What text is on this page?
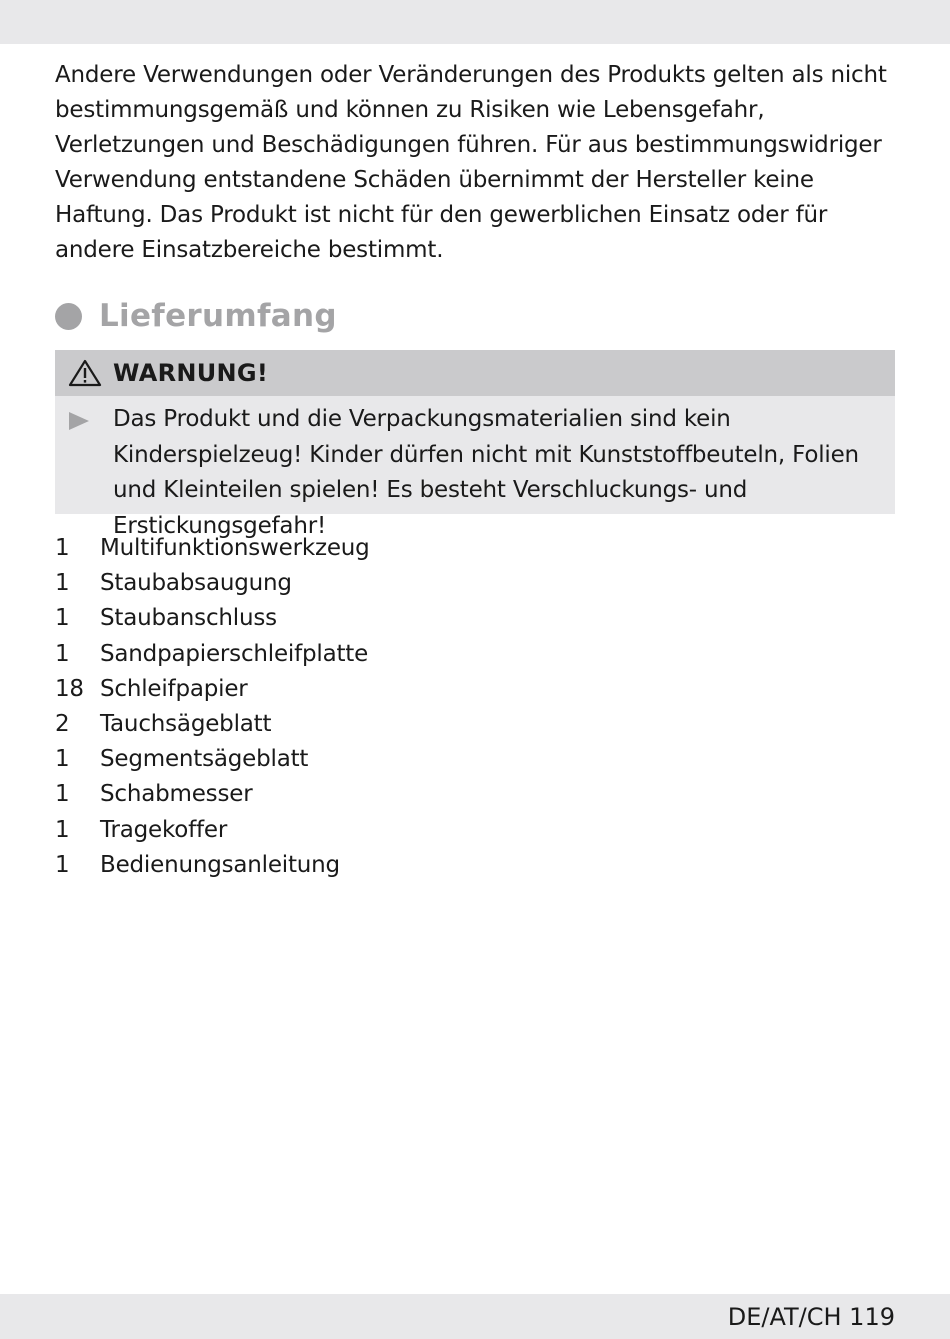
Andere Verwendungen oder Veränderungen des Produkts gelten als nicht bestimmungsgemäß und können zu Risiken wie Lebensgefahr, Verletzungen und Beschädigungen führen. Für aus bestimmungswidriger Verwendung entstandene Schäden übernimmt der Hersteller keine Haftung. Das Produkt ist nicht für den gewerblichen Einsatz oder für andere Einsatzbereiche bestimmt.

Lieferumfang
WARNUNG!

Das Produkt und die Verpackungsmaterialien sind kein Kinderspielzeug! Kinder dürfen nicht mit Kunststoffbeuteln, Folien und Kleinteilen spielen! Es besteht Verschluckungs- und Erstickungsgefahr!

1	Multifunktionswerkzeug
1	Staubabsaugung
1	Staubanschluss
1	Sandpapierschleifplatte
18 Schleifpapier
2	Tauchsägeblatt
1	Segmentsägeblatt
1	Schabmesser
1	Tragekoffer
1	Bedienungsanleitung
DE/AT/CH 119
